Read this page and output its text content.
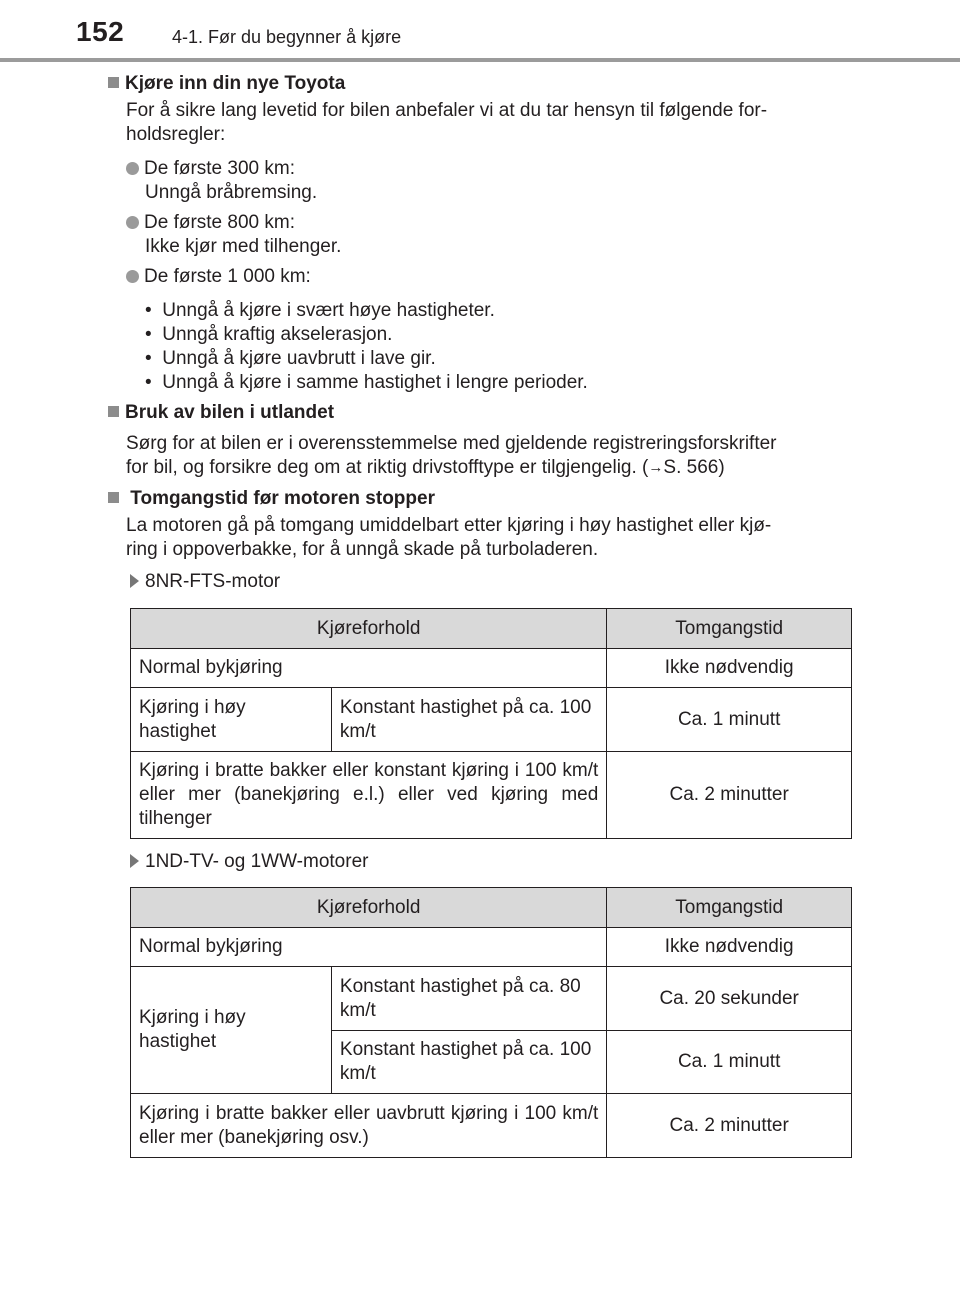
152	4-1. Før du begynner å kjøre
Kjøre inn din nye Toyota
For å sikre lang levetid for bilen anbefaler vi at du tar hensyn til følgende for-
holdsregler:
De første 300 km:
Unngå bråbremsing.
De første 800 km:
Ikke kjør med tilhenger.
De første 1 000 km:
•  Unngå å kjøre i svært høye hastigheter.
•  Unngå kraftig akselerasjon.
•  Unngå å kjøre uavbrutt i lave gir.
•  Unngå å kjøre i samme hastighet i lengre perioder.
Bruk av bilen i utlandet
Sørg for at bilen er i overensstemmelse med gjeldende registreringsforskrifter
for bil, og forsikre deg om at riktig drivstofftype er tilgjengelig. (→S. 566)
Tomgangstid før motoren stopper
La motoren gå på tomgang umiddelbart etter kjøring i høy hastighet eller kjø-
ring i oppoverbakke, for å unngå skade på turboladeren.
8NR-FTS-motor
Kjøreforhold		Tomgangstid
Normal bykjøring		Ikke nødvendig
Kjøring i høy hastighet	Konstant hastighet på ca. 100 km/t	Ca. 1 minutt
Kjøring i bratte bakker eller konstant kjøring i 100 km/t eller mer (banekjøring e.l.) eller ved kjøring med tilhenger		Ca. 2 minutter
1ND-TV- og 1WW-motorer
Kjøreforhold		Tomgangstid
Normal bykjøring		Ikke nødvendig
Kjøring i høy hastighet	Konstant hastighet på ca. 80 km/t	Ca. 20 sekunder
	Konstant hastighet på ca. 100 km/t	Ca. 1 minutt
Kjøring i bratte bakker eller uavbrutt kjøring i 100 km/t eller mer (banekjøring osv.)		Ca. 2 minutter
